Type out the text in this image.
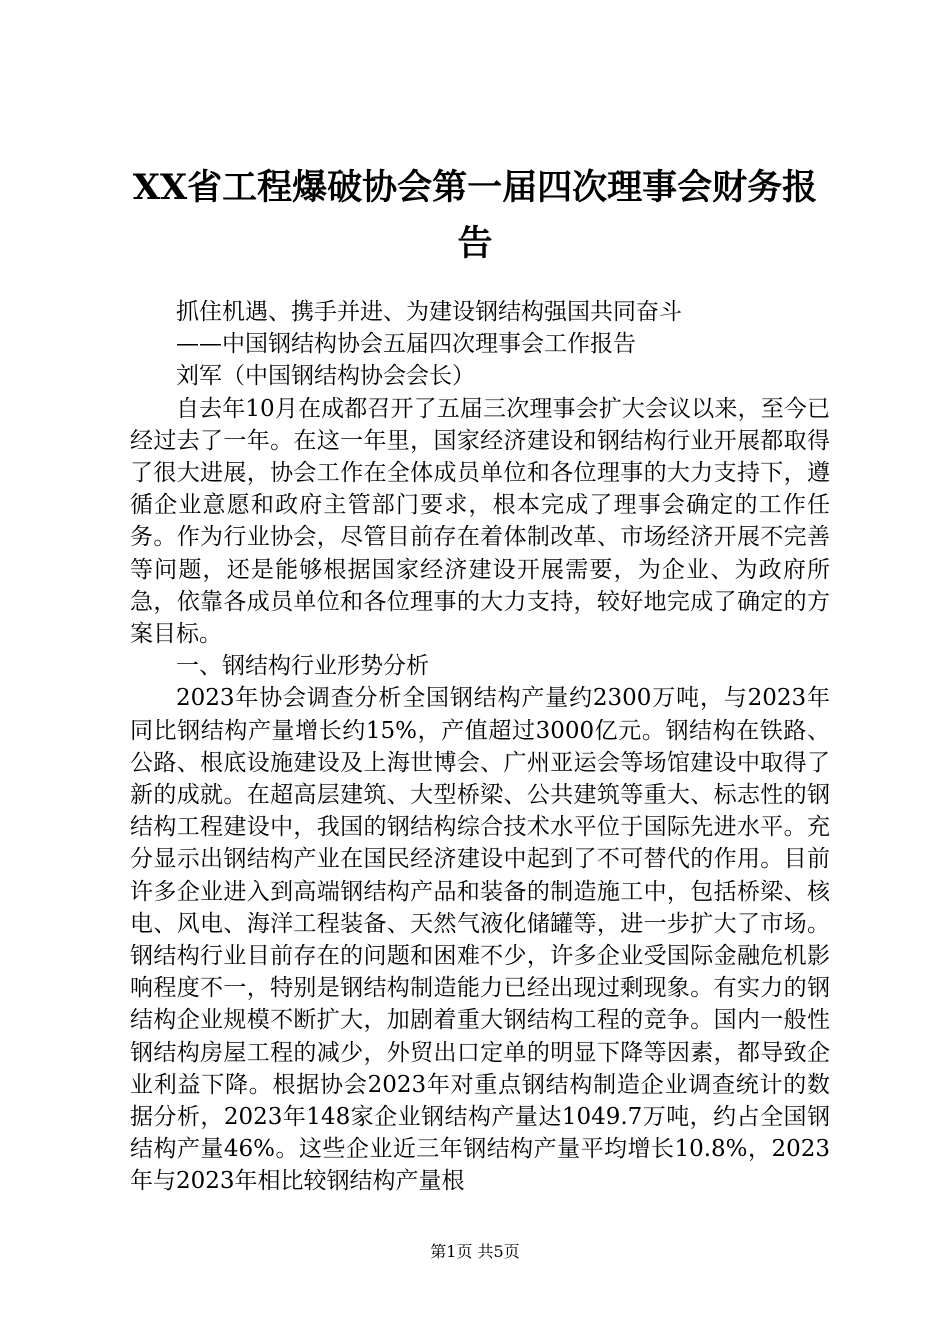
XX省工程爆破协会第一届四次理事会财务报告

抓住机遇、携手并进、为建设钢结构强国共同奋斗

——中国钢结构协会五届四次理事会工作报告

刘军（中国钢结构协会会长）

自去年10月在成都召开了五届三次理事会扩大会议以来，至今已经过去了一年。在这一年里，国家经济建设和钢结构行业开展都取得了很大进展，协会工作在全体成员单位和各位理事的大力支持下，遵循企业意愿和政府主管部门要求，根本完成了理事会确定的工作任务。作为行业协会，尽管目前存在着体制改革、市场经济开展不完善等问题，还是能够根据国家经济建设开展需要，为企业、为政府所急，依靠各成员单位和各位理事的大力支持，较好地完成了确定的方案目标。

一、钢结构行业形势分析

2023年协会调查分析全国钢结构产量约2300万吨，与2023年同比钢结构产量增长约15%，产值超过3000亿元。钢结构在铁路、公路、根底设施建设及上海世博会、广州亚运会等场馆建设中取得了新的成就。在超高层建筑、大型桥梁、公共建筑等重大、标志性的钢结构工程建设中，我国的钢结构综合技术水平位于国际先进水平。充分显示出钢结构产业在国民经济建设中起到了不可替代的作用。目前许多企业进入到高端钢结构产品和装备的制造施工中，包括桥梁、核电、风电、海洋工程装备、天然气液化储罐等，进一步扩大了市场。钢结构行业目前存在的问题和困难不少，许多企业受国际金融危机影响程度不一，特别是钢结构制造能力已经出现过剩现象。有实力的钢结构企业规模不断扩大，加剧着重大钢结构工程的竞争。国内一般性钢结构房屋工程的减少，外贸出口定单的明显下降等因素，都导致企业利益下降。根据协会2023年对重点钢结构制造企业调查统计的数据分析，2023年148家企业钢结构产量达1049.7万吨，约占全国钢结构产量46%。这些企业近三年钢结构产量平均增长10.8%，2023年与2023年相比较钢结构产量根

第1页 共5页
